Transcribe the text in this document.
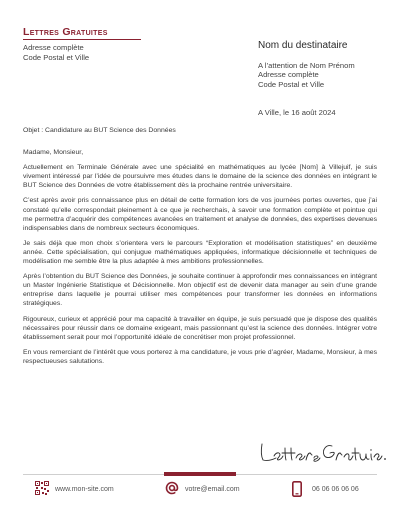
Lettres Gratuites
Adresse complète
Code Postal et Ville
Nom du destinataire
A l’attention de Nom Prénom
Adresse complète
Code Postal et Ville
A Ville, le 16 août 2024

Objet : Candidature au BUT Science des Données

Madame, Monsieur,

Actuellement en Terminale Générale avec une spécialité en mathématiques au lycée [Nom] à Villejuif, je suis vivement intéressé par l’idée de poursuivre mes études dans le domaine de la science des données en intégrant le BUT Science des Données de votre établissement dès la prochaine rentrée universitaire.

C’est après avoir pris connaissance plus en détail de cette formation lors de vos journées portes ouvertes, que j’ai constaté qu’elle correspondait pleinement à ce que je recherchais, à savoir une formation complète et pointue qui me permettra d’acquérir des compétences avancées en traitement et analyse de données, des expertises devenues indispensables dans de nombreux secteurs économiques.

Je sais déjà que mon choix s’orientera vers le parcours “Exploration et modélisation statistiques” en deuxième année. Cette spécialisation, qui conjugue mathématiques appliquées, informatique décisionnelle et techniques de modélisation me semble être la plus adaptée à mes ambitions professionnelles.

Après l’obtention du BUT Science des Données, je souhaite continuer à approfondir mes connaissances en intégrant un Master Ingénierie Statistique et Décisionnelle. Mon objectif est de devenir data manager au sein d’une grande entreprise dans laquelle je pourrai utiliser mes compétences pour transformer les données en informations stratégiques.

Rigoureux, curieux et apprécié pour ma capacité à travailler en équipe, je suis persuadé que je dispose des qualités nécessaires pour réussir dans ce domaine exigeant, mais passionnant qu’est la science des données. Intégrer votre établissement serait pour moi l’opportunité idéale de concrétiser mon projet professionnel.

En vous remerciant de l’intérêt que vous porterez à ma candidature, je vous prie d’agréer, Madame, Monsieur, à mes respectueuses salutations.

www.mon-site.com	votre@email.com	06 06 06 06 06
